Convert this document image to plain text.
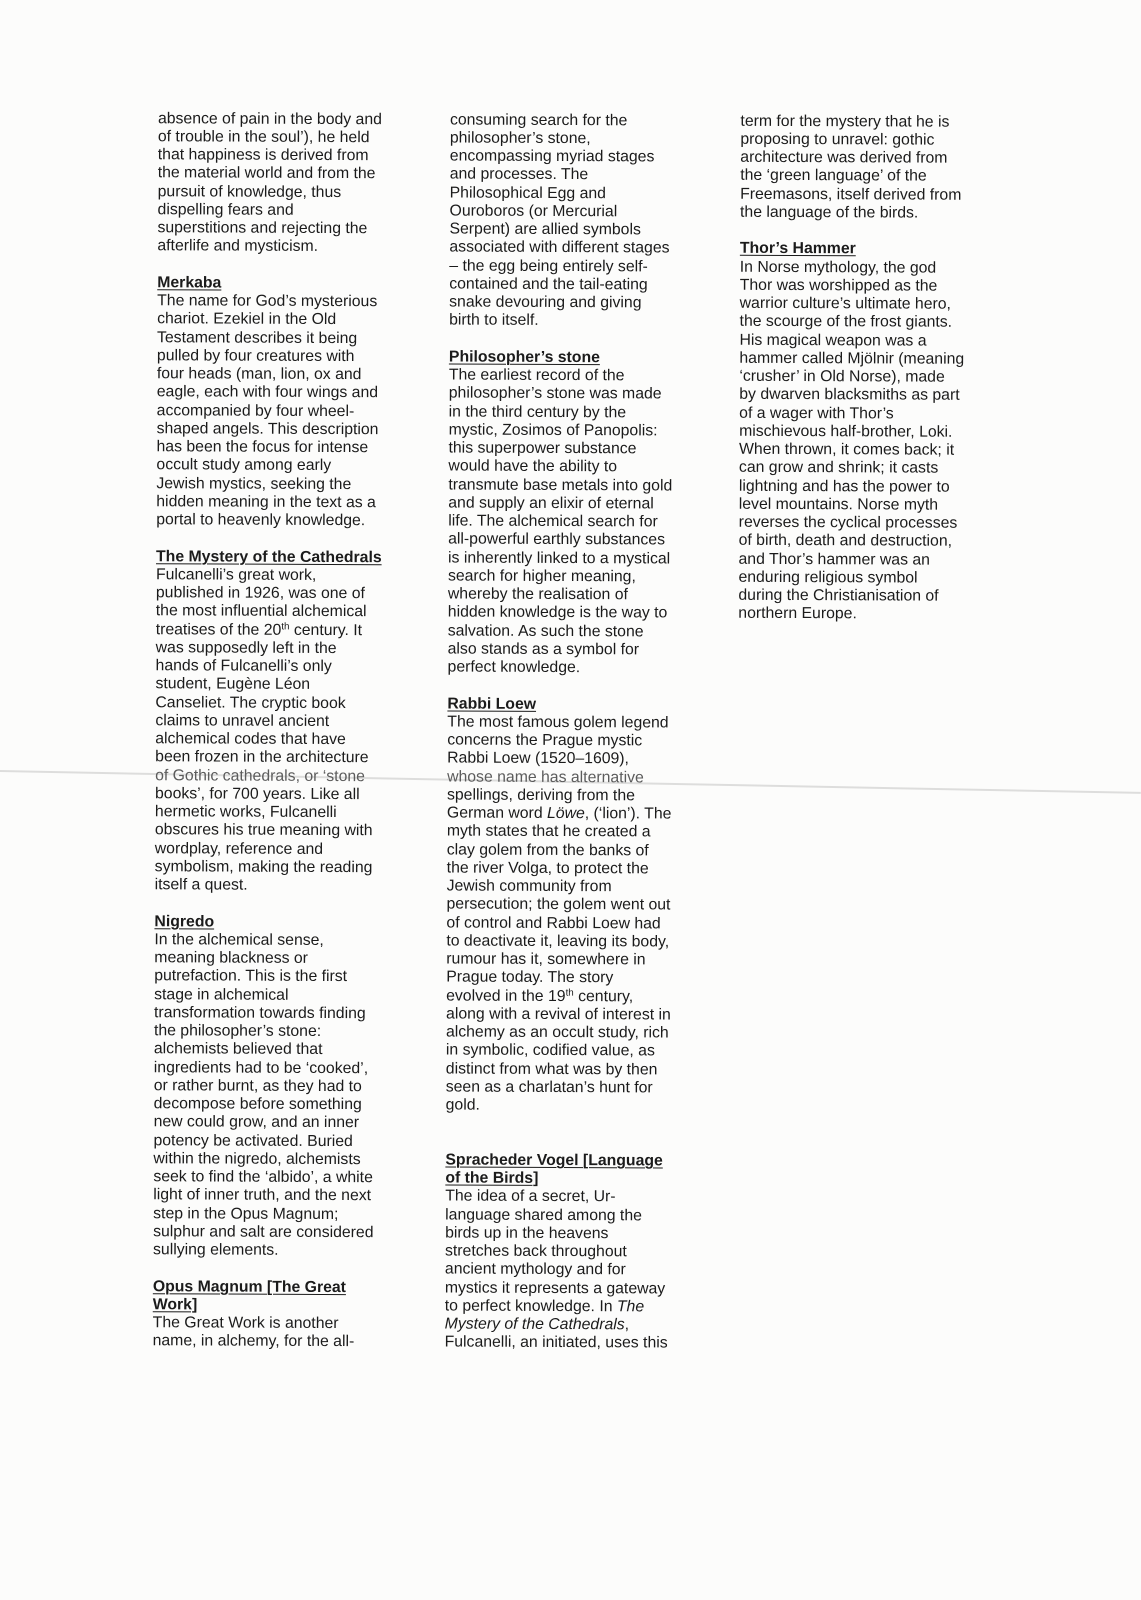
absence of pain in the body and
of trouble in the soul’), he held
that happiness is derived from
the material world and from the
pursuit of knowledge, thus
dispelling fears and
superstitions and rejecting the
afterlife and mysticism.
Merkaba
The name for God’s mysterious
chariot. Ezekiel in the Old
Testament describes it being
pulled by four creatures with
four heads (man, lion, ox and
eagle, each with four wings and
accompanied by four wheel-
shaped angels. This description
has been the focus for intense
occult study among early
Jewish mystics, seeking the
hidden meaning in the text as a
portal to heavenly knowledge.
The Mystery of the Cathedrals
Fulcanelli’s great work,
published in 1926, was one of
the most influential alchemical
treatises of the 20th century. It
was supposedly left in the
hands of Fulcanelli’s only
student, Eugène Léon
Canseliet. The cryptic book
claims to unravel ancient
alchemical codes that have
been frozen in the architecture
of Gothic cathedrals, or ‘stone
books’, for 700 years. Like all
hermetic works, Fulcanelli
obscures his true meaning with
wordplay, reference and
symbolism, making the reading
itself a quest.
Nigredo
In the alchemical sense,
meaning blackness or
putrefaction. This is the first
stage in alchemical
transformation towards finding
the philosopher’s stone:
alchemists believed that
ingredients had to be ‘cooked’,
or rather burnt, as they had to
decompose before something
new could grow, and an inner
potency be activated. Buried
within the nigredo, alchemists
seek to find the ‘albido’, a white
light of inner truth, and the next
step in the Opus Magnum;
sulphur and salt are considered
sullying elements.
Opus Magnum [The Great
Work]
The Great Work is another
name, in alchemy, for the all-
consuming search for the
philosopher’s stone,
encompassing myriad stages
and processes. The
Philosophical Egg and
Ouroboros (or Mercurial
Serpent) are allied symbols
associated with different stages
– the egg being entirely self-
contained and the tail-eating
snake devouring and giving
birth to itself.
Philosopher’s stone
The earliest record of the
philosopher’s stone was made
in the third century by the
mystic, Zosimos of Panopolis:
this superpower substance
would have the ability to
transmute base metals into gold
and supply an elixir of eternal
life. The alchemical search for
all-powerful earthly substances
is inherently linked to a mystical
search for higher meaning,
whereby the realisation of
hidden knowledge is the way to
salvation. As such the stone
also stands as a symbol for
perfect knowledge.
Rabbi Loew
The most famous golem legend
concerns the Prague mystic
Rabbi Loew (1520–1609),
whose name has alternative
spellings, deriving from the
German word Löwe, (‘lion’). The
myth states that he created a
clay golem from the banks of
the river Volga, to protect the
Jewish community from
persecution; the golem went out
of control and Rabbi Loew had
to deactivate it, leaving its body,
rumour has it, somewhere in
Prague today. The story
evolved in the 19th century,
along with a revival of interest in
alchemy as an occult study, rich
in symbolic, codified value, as
distinct from what was by then
seen as a charlatan’s hunt for
gold.
Spracheder Vogel [Language
of the Birds]
The idea of a secret, Ur-
language shared among the
birds up in the heavens
stretches back throughout
ancient mythology and for
mystics it represents a gateway
to perfect knowledge. In The
Mystery of the Cathedrals,
Fulcanelli, an initiated, uses this
term for the mystery that he is
proposing to unravel: gothic
architecture was derived from
the ‘green language’ of the
Freemasons, itself derived from
the language of the birds.
Thor’s Hammer
In Norse mythology, the god
Thor was worshipped as the
warrior culture’s ultimate hero,
the scourge of the frost giants.
His magical weapon was a
hammer called Mjölnir (meaning
‘crusher’ in Old Norse), made
by dwarven blacksmiths as part
of a wager with Thor’s
mischievous half-brother, Loki.
When thrown, it comes back; it
can grow and shrink; it casts
lightning and has the power to
level mountains. Norse myth
reverses the cyclical processes
of birth, death and destruction,
and Thor’s hammer was an
enduring religious symbol
during the Christianisation of
northern Europe.
